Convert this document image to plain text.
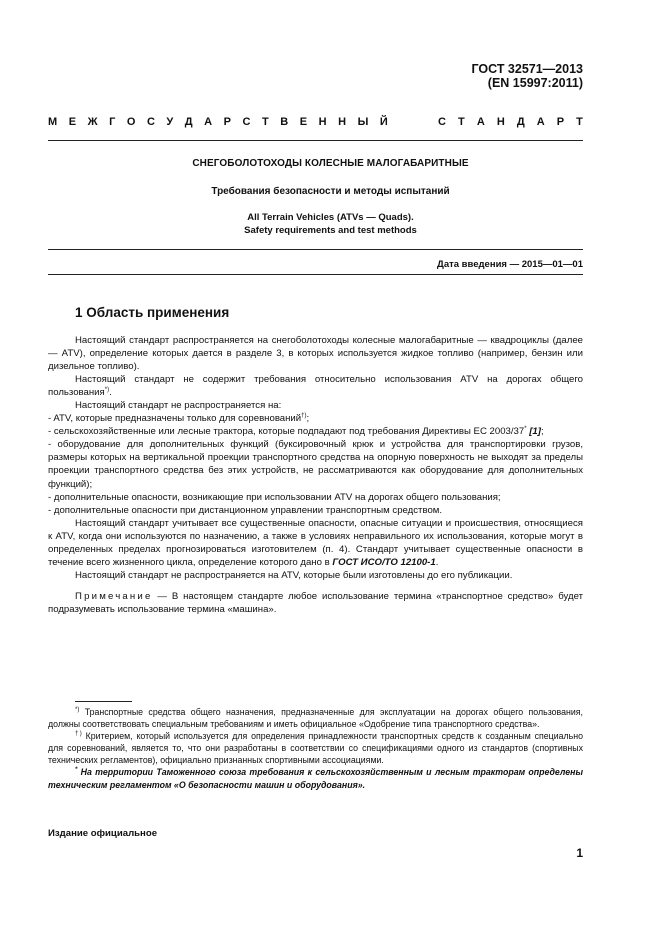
ГОСТ 32571—2013
(EN 15997:2011)
М Е Ж Г О С У Д А Р С Т В Е Н Н Ы Й	С Т А Н Д А Р Т
СНЕГОБОЛОТОХОДЫ КОЛЕСНЫЕ МАЛОГАБАРИТНЫЕ
Требования безопасности и методы испытаний
All Terrain Vehicles (ATVs — Quads).
Safety requirements and test methods
Дата введения — 2015—01—01
1 Область применения

Настоящий стандарт распространяется на снегоболотоходы колесные малогабаритные — квадроциклы (далее — ATV), определение которых дается в разделе 3, в которых используется жидкое топливо (например, бензин или дизельное топливо).

Настоящий стандарт не содержит требования относительно использования ATV на дорогах общего пользования*).

Настоящий стандарт не распространяется на:

- ATV, которые предназначены только для соревнований†);

- сельскохозяйственные или лесные трактора, которые подпадают под требования Директивы ЕС 2003/37* [1];

- оборудование для дополнительных функций (буксировочный крюк и устройства для транспортировки грузов, размеры которых на вертикальной проекции транспортного средства на опорную поверхность не выходят за пределы проекции транспортного средства без этих устройств, не рассматриваются как оборудование для дополнительных функций);

- дополнительные опасности, возникающие при использовании ATV на дорогах общего пользования;

- дополнительные опасности при дистанционном управлении транспортным средством.

Настоящий стандарт учитывает все существенные опасности, опасные ситуации и происшествия, относящиеся к ATV, когда они используются по назначению, а также в условиях неправильного их использования, которые могут в определенных пределах прогнозироваться изготовителем (п. 4). Стандарт учитывает существенные опасности в течение всего жизненного цикла, определение которого дано в ГОСТ ИСО/ТО 12100-1.

Настоящий стандарт не распространяется на ATV, которые были изготовлены до его публикации.

Примечание — В настоящем стандарте любое использование термина «транспортное средство» будет подразумевать использование термина «машина».

*) Транспортные средства общего назначения, предназначенные для эксплуатации на дорогах общего пользования, должны соответствовать специальным требованиям и иметь официальное «Одобрение типа транспортного средства».

†) Критерием, который используется для определения принадлежности транспортных средств к созданным специально для соревнований, является то, что они разработаны в соответствии со спецификациями одного из стандартов (спортивных технических регламентов), официально признанных спортивными ассоциациями.

* На территории Таможенного союза требования к сельскохозяйственным и лесным тракторам определены техническим регламентом «О безопасности машин и оборудования».

Издание официальное
1
